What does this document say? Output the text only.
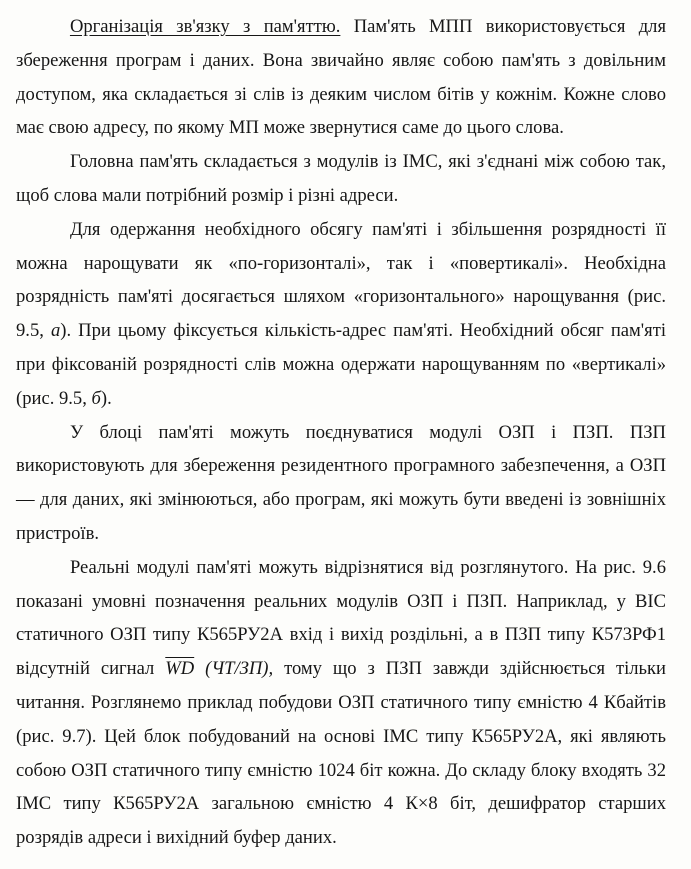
Організація зв'язку з пам'яттю. Пам'ять МПП використовується для збереження програм і даних. Вона звичайно являє собою пам'ять з довільним доступом, яка складається зі слів із деяким числом бітів у кожнім. Кожне слово має свою адресу, по якому МП може звернутися саме до цього слова.

Головна пам'ять складається з модулів із ІМС, які з'єднані між собою так, щоб слова мали потрібний розмір і різні адреси.

Для одержання необхідного обсягу пам'яті і збільшення розрядності її можна нарощувати як «по-горизонталі», так і «повертикалі». Необхідна розрядність пам'яті досягається шляхом «горизонтального» нарощування (рис. 9.5, а). При цьому фіксується кількість-адрес пам'яті. Необхідний обсяг пам'яті при фіксованій розрядності слів можна одержати нарощуванням по «вертикалі» (рис. 9.5, б).

У блоці пам'яті можуть поєднуватися модулі ОЗП і ПЗП. ПЗП використовують для збереження резидентного програмного забезпечення, а ОЗП — для даних, які змінюються, або програм, які можуть бути введені із зовнішніх пристроїв.

Реальні модулі пам'яті можуть відрізнятися від розглянутого. На рис. 9.6 показані умовні позначення реальних модулів ОЗП і ПЗП. Наприклад, у ВІС статичного ОЗП типу К565РУ2А вхід і вихід роздільні, а в ПЗП типу К573РФ1 відсутній сигнал $\overline{WD}$ (ЧТ/ЗП), тому що з ПЗП завжди здійснюється тільки читання. Розглянемо приклад побудови ОЗП статичного типу ємністю 4 Кбайтів (рис. 9.7). Цей блок побудований на основі ІМС типу К565РУ2А, які являють собою ОЗП статичного типу ємністю 1024 біт кожна. До складу блоку входять 32 ІМС типу К565РУ2А загальною ємністю 4 К×8 біт, дешифратор старших розрядів адреси і вихідний буфер даних.
